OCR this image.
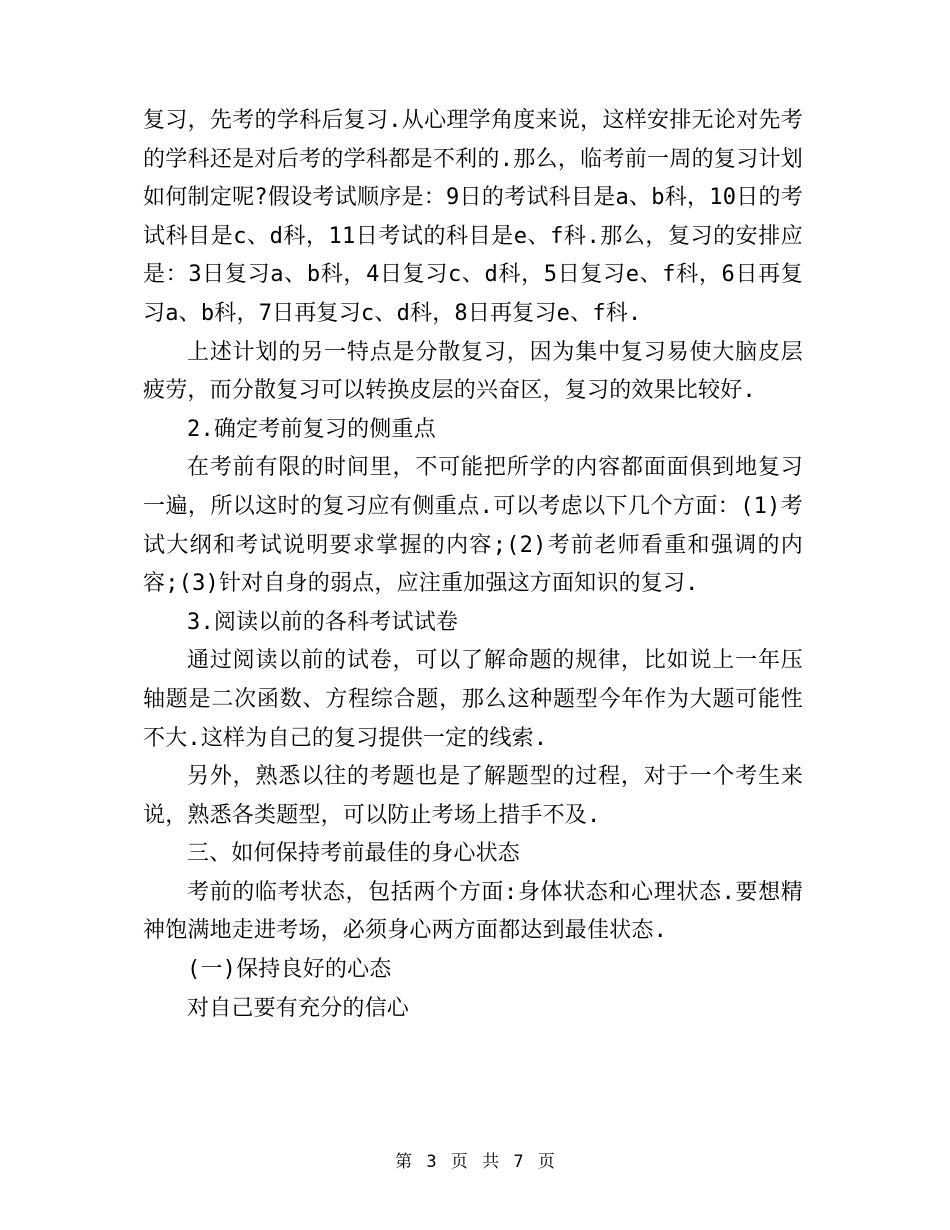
复习，先考的学科后复习.从心理学角度来说，这样安排无论对先考的学科还是对后考的学科都是不利的.那么，临考前一周的复习计划如何制定呢?假设考试顺序是：9日的考试科目是a、b科，10日的考试科目是c、d科，11日考试的科目是e、f科.那么，复习的安排应是：3日复习a、b科，4日复习c、d科，5日复习e、f科，6日再复习a、b科，7日再复习c、d科，8日再复习e、f科.

上述计划的另一特点是分散复习，因为集中复习易使大脑皮层疲劳，而分散复习可以转换皮层的兴奋区，复习的效果比较好.

2.确定考前复习的侧重点

在考前有限的时间里，不可能把所学的内容都面面俱到地复习一遍，所以这时的复习应有侧重点.可以考虑以下几个方面：(1)考试大纲和考试说明要求掌握的内容;(2)考前老师看重和强调的内容;(3)针对自身的弱点，应注重加强这方面知识的复习.

3.阅读以前的各科考试试卷

通过阅读以前的试卷，可以了解命题的规律，比如说上一年压轴题是二次函数、方程综合题，那么这种题型今年作为大题可能性不大.这样为自己的复习提供一定的线索.

另外，熟悉以往的考题也是了解题型的过程，对于一个考生来说，熟悉各类题型，可以防止考场上措手不及.

三、如何保持考前最佳的身心状态

考前的临考状态，包括两个方面:身体状态和心理状态.要想精神饱满地走进考场，必须身心两方面都达到最佳状态.

(一)保持良好的心态

对自己要有充分的信心

第 3 页 共 7 页
